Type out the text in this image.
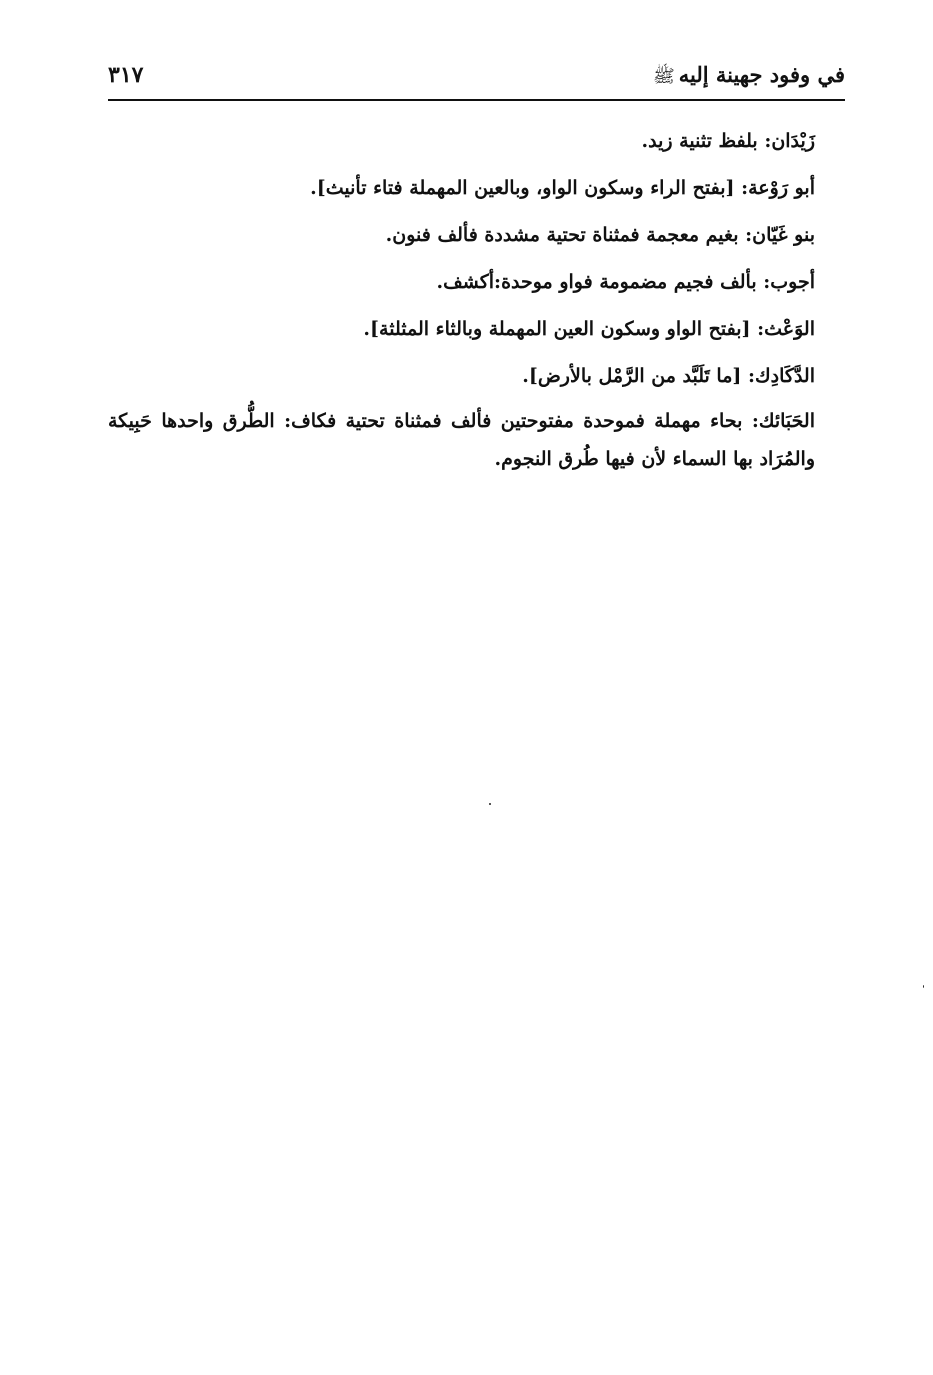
في وفود جهينة إليهﷺ
٣١٧

زَيْدَان: بلفظ تثنية زيد.

أبو رَوْعة: [بفتح الراء وسكون الواو، وبالعين المهملة فتاء تأنيث].

بنو غَيّان: بغيم معجمة فمثناة تحتية مشددة فألف فنون.

أجوب: بألف فجيم مضمومة فواو موحدة:أكشف.

الوَعْث: [بفتح الواو وسكون العين المهملة وبالثاء المثلثة].

الدَّكَادِك: [ما تَلَبَّد من الرَّمْل بالأرض].

الحَبَائك: بحاء مهملة فموحدة مفتوحتين فألف فمثناة تحتية فكاف: الطُّرق واحدها حَبِيكة والمُرَاد بها السماء لأن فيها طُرق النجوم.
